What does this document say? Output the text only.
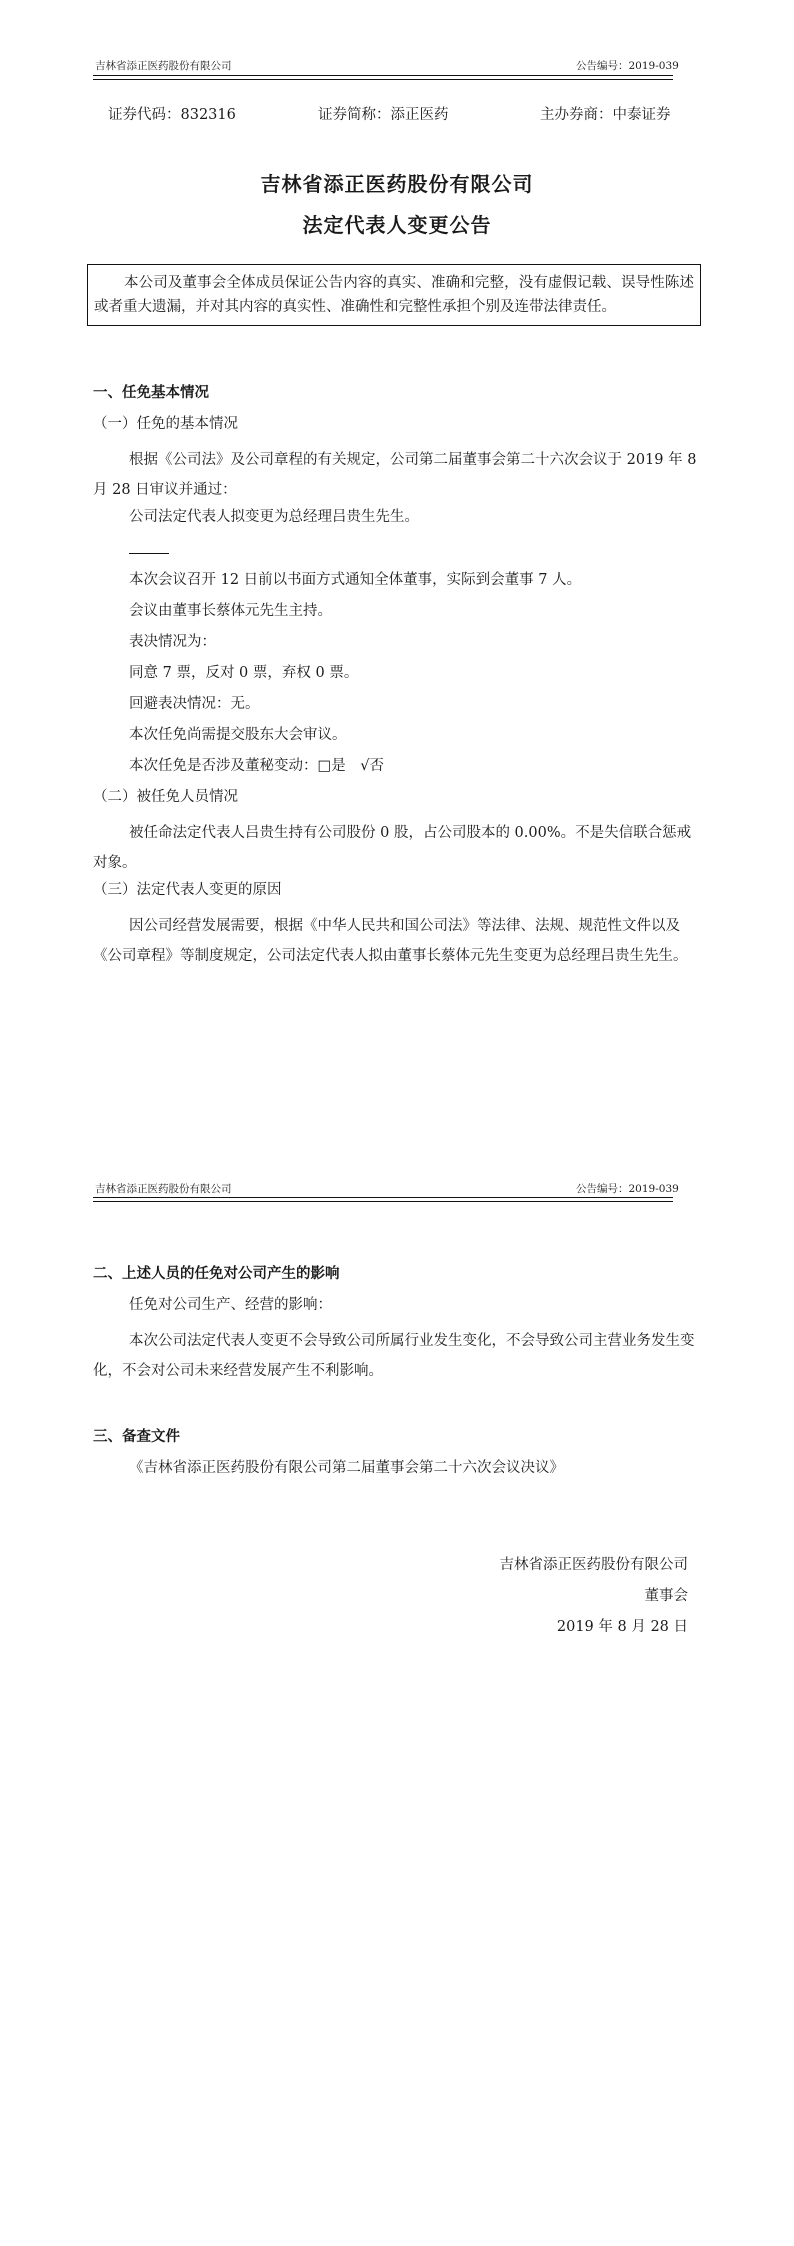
吉林省添正医药股份有限公司	公告编号：2019-039
证券代码：832316	证券简称：添正医药	主办券商：中泰证券
吉林省添正医药股份有限公司
法定代表人变更公告
本公司及董事会全体成员保证公告内容的真实、准确和完整，没有虚假记载、误导性陈述或者重大遗漏，并对其内容的真实性、准确性和完整性承担个别及连带法律责任。
一、任免基本情况
（一）任免的基本情况
根据《公司法》及公司章程的有关规定，公司第二届董事会第二十六次会议于 2019 年 8 月 28 日审议并通过：
公司法定代表人拟变更为总经理吕贵生先生。
本次会议召开 12 日前以书面方式通知全体董事，实际到会董事 7 人。
会议由董事长蔡体元先生主持。
表决情况为：
同意 7 票，反对 0 票，弃权 0 票。
回避表决情况：无。
本次任免尚需提交股东大会审议。
本次任免是否涉及董秘变动：□是　√否
（二）被任免人员情况
被任命法定代表人吕贵生持有公司股份 0 股，占公司股本的 0.00%。不是失信联合惩戒对象。
（三）法定代表人变更的原因
因公司经营发展需要，根据《中华人民共和国公司法》等法律、法规、规范性文件以及《公司章程》等制度规定，公司法定代表人拟由董事长蔡体元先生变更为总经理吕贵生先生。
吉林省添正医药股份有限公司	公告编号：2019-039
二、上述人员的任免对公司产生的影响
任免对公司生产、经营的影响：
本次公司法定代表人变更不会导致公司所属行业发生变化，不会导致公司主营业务发生变化，不会对公司未来经营发展产生不利影响。
三、备查文件
《吉林省添正医药股份有限公司第二届董事会第二十六次会议决议》
吉林省添正医药股份有限公司
董事会
2019 年 8 月 28 日
